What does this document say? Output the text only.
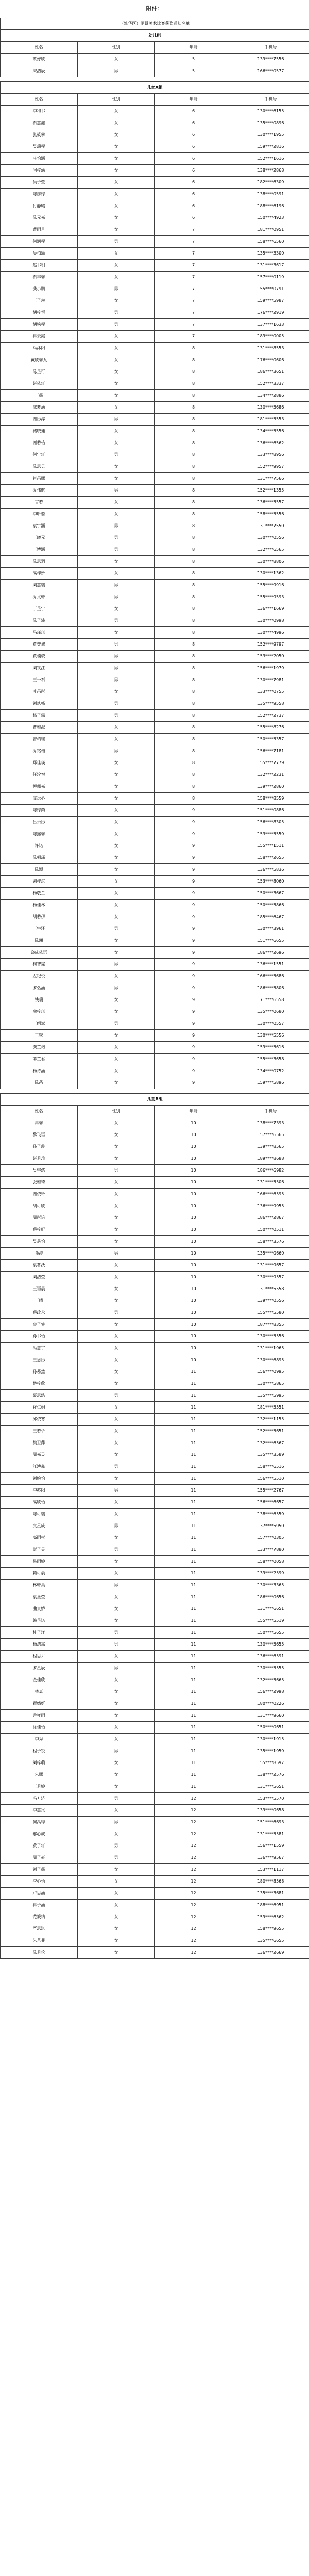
附件：
（淮华区）湖景美术比赛获奖通知名单			
幼儿组			
姓名	性别	年龄	手机号
蔡好欣	女	5	139****7556
宋浩辰	男	5	166****0577
儿童A组			
姓名	性别	年龄	手机号
李和书	女	6	130****6155
石嘉鑫	女	6	135****0896
张筱攀	女	6	130****1955
吴瑞程	女	6	159****2816
庄怡涵	女	6	152****1616
闫梓涵	女	6	138****2868
吴子萱	女	6	182****6309
陈彦婷	女	6	138****0591
付静曦	女	6	188****6196
陈元嘉	女	6	150****4923
曹雨月	女	7	181****0951
何润程	男	7	158****6560
吴柏瑜	女	7	135****3300
赵书玥	女	7	131****3617
石丰馨	女	7	157****0119
龚小鹏	男	7	155****0791
王子琳	女	7	159****5987
胡梓恒	男	7	176****2919
胡铭程	男	7	137****1633
冉云霞	女	7	189****0005
马沐阳	女	8	131****8553
黄欣馨九	女	8	176****0606
陈芷可	女	8	186****3651
赵依轩	女	8	152****3337
丁薇	女	8	134****2886
陈萝涵	女	8	130****5686
谢彤淳	男	8	181****5553
褚晓迪	女	8	134****5556
谢若怡	女	8	136****6562
何宁轩	男	8	133****8956
陈思贝	女	8	152****9957
肖芮熙	女	8	131****7566
乔伟航	男	8	152****1355
言若	女	8	136****5557
李昕蕊	女	8	158****5556
袁宇涵	男	8	131****7550
王曦元	男	8	130****0556
王博涵	男	8	132****6565
陈思羽	女	8	130****8806
高梓妍	女	8	130****1362
刘嘉瑞	男	8	155****9916
乔文轩	男	8	155****9593
丁芷宁	女	8	136****1669
陈子沛	男	8	130****0998
马瑾琪	女	8	130****4996
黄奕诚	男	8	152****9797
黄楠骁	男	8	153****2050
刘铁江	男	8	156****1979
王一石	男	8	130****7981
叶芮彤	女	8	133****0755
刘炫畅	男	8	135****9558
杨子霖	男	8	152****2737
曹雅澄	女	8	155****8276
曾靖瑶	女	8	150****5357
乔铭楷	男	8	156****7181
郑佳瑛	女	8	155****7779
任汐悦	女	8	132****2231
柳佩嘉	女	8	139****2860
庞远心	女	8	158****8559
陈婷芮	女	9	151****0886
吕乐彤	女	9	156****8305
陈露馨	女	9	153****5559
许诺	女	9	155****1511
陈桐瑶	女	9	158****2655
陈颖	女	9	136****5836
刘梓淇	女	9	153****8060
杨敬兰	女	9	150****3667
杨佳林	女	9	150****5866
胡若伊	女	9	185****6467
王宇泽	男	9	130****3961
陈湘	女	9	151****6655
饶成依语	女	9	186****2696
柯智霆	男	9	136****1551
左纪悦	女	9	166****5686
罗弘涵	男	9	186****5806
钱瑞	女	9	171****6558
俞梓琪	女	9	135****0680
王绍斌	男	9	130****0557
王钦	女	9	130****5556
龚芷诺	女	9	159****5616
薛芷君	女	9	155****3658
杨诗涵	女	9	134****0752
陈菡	女	9	159****5896
儿童B组			
姓名	性别	年龄	手机号
冉馨	女	10	138****7393
黎飞语	女	10	157****6565
孙子璇	女	10	139****8565
赵若瑄	女	10	189****8688
吴宇浩	男	10	186****6982
张雅琦	女	10	131****5506
谢依玲	女	10	166****6595
胡可欣	女	10	136****9955
周彤谙	女	10	186****2867
蔡梓昕	女	10	150****0511
吴芯怡	女	10	158****3576
孙涛	男	10	135****0660
袁茗沃	女	10	131****9657
刘洁莹	女	10	130****9557
王语晨	女	10	131****5558
丁晴	女	10	139****0556
蔡政永	男	10	155****5580
金子睿	女	10	187****8355
孙书怡	女	10	130****5556
冯慧宇	女	10	131****1965
王恩彤	女	10	130****6895
孙慕然	女	11	156****0995
楚梓欣	女	11	130****5865
聂思浩	男	11	135****5995
祥仁娟	女	11	181****5551
邱依寒	女	11	132****1155
王若忻	女	11	152****5651
樊卫萍	女	11	132****6567
周嘉灵	女	11	135****3589
江溥鑫	男	11	158****6516
刘婉怡	女	11	156****5510
李苏阳	男	11	155****2767
高欣怡	女	11	156****6657
陈可瑞	女	11	138****6559
文星成	男	11	137****5950
高雨杉	女	11	157****0305
彭子昊	男	11	133****7880
易雨婷	女	11	158****0058
赖可晨	女	11	139****2599
林轩昊	男	11	130****3365
袁圣莹	女	11	186****0656
曲贵娇	女	11	131****6651
韩芷诺	女	11	155****5519
桂子洋	男	11	150****5655
杨浩霖	男	11	130****5655
程思尹	女	11	136****6591
罗星辰	男	11	130****5555
金佳欣	女	11	132****5665
林真	女	11	156****2998
翟婧妍	女	11	180****0226
曾祥雨	女	11	131****9660
徐佳怡	女	11	150****0651
李秀	女	11	130****1915
程子锐	男	11	135****1959
刘梓萌	女	11	155****8597
朱熙	女	11	138****2576
王若婷	女	11	131****5651
冯方济	男	12	153****5570
李嘉岚	女	12	139****0658
何禹璋	男	12	151****6693
郝心成	女	12	131****5581
黄子轩	男	12	156****1559
周子豪	男	12	136****9567
刘子薇	女	12	153****1117
李心怡	女	12	180****8568
卢思涵	女	12	135****3681
冉子涵	女	12	188****6951
范筱纳	女	12	159****6562
严思淇	女	12	158****9655
朱艺菲	女	12	135****6655
陈若伦	女	12	136****2669
